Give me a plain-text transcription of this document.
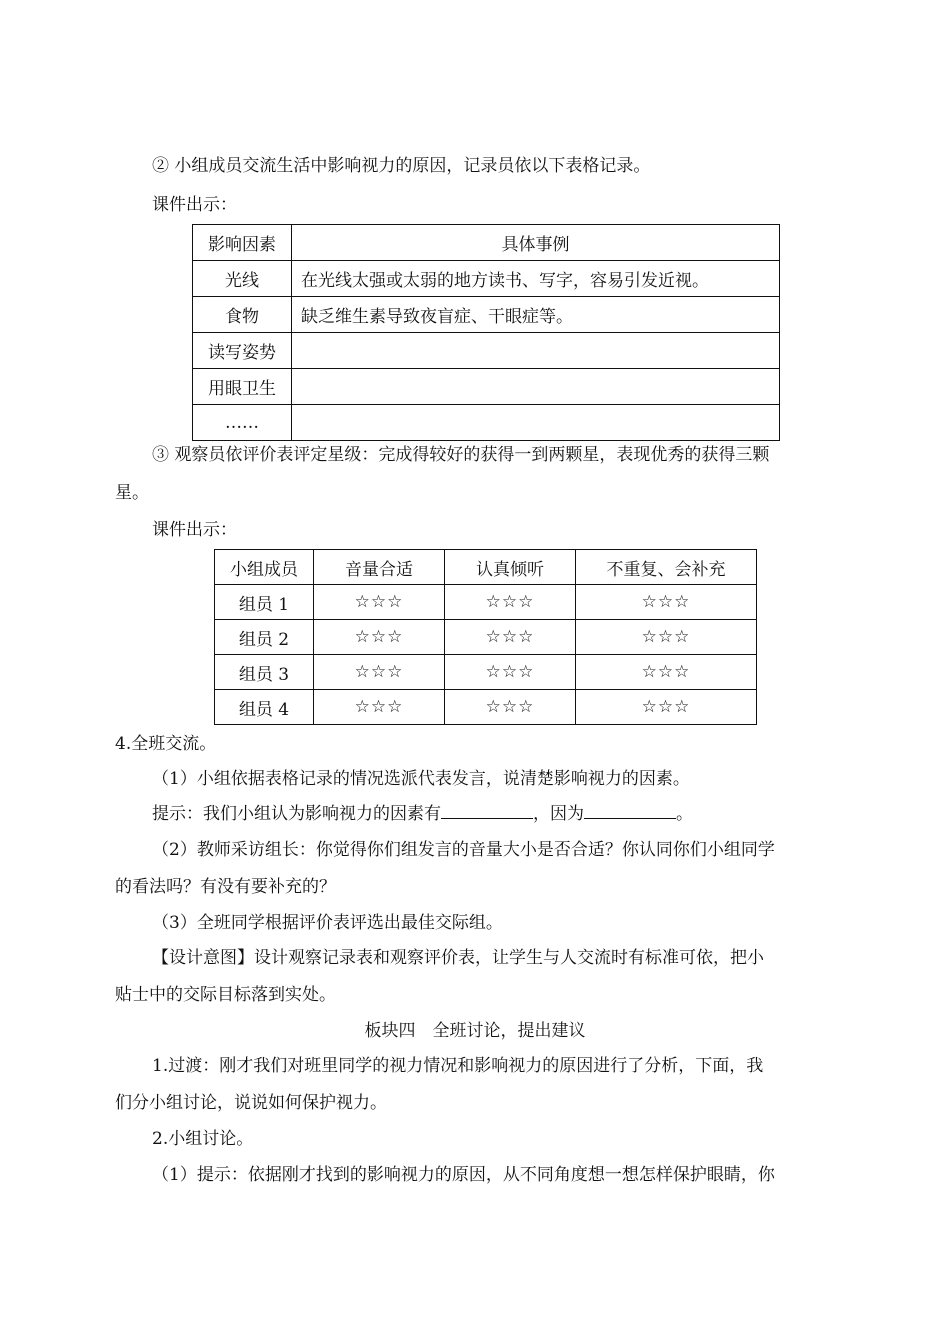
② 小组成员交流生活中影响视力的原因，记录员依以下表格记录。
课件出示：
影响因素	具体事例
光线	在光线太强或太弱的地方读书、写字，容易引发近视。
食物	缺乏维生素导致夜盲症、干眼症等。
读写姿势	
用眼卫生	
……	
③ 观察员依评价表评定星级：完成得较好的获得一到两颗星，表现优秀的获得三颗
星。
课件出示：
小组成员	音量合适	认真倾听	不重复、会补充
组员 1	☆☆☆	☆☆☆	☆☆☆
组员 2	☆☆☆	☆☆☆	☆☆☆
组员 3	☆☆☆	☆☆☆	☆☆☆
组员 4	☆☆☆	☆☆☆	☆☆☆
4.全班交流。
（1）小组依据表格记录的情况选派代表发言，说清楚影响视力的因素。
提示：我们小组认为影响视力的因素有	，因为	。
（2）教师采访组长：你觉得你们组发言的音量大小是否合适？你认同你们小组同学
的看法吗？有没有要补充的？
（3）全班同学根据评价表评选出最佳交际组。
【设计意图】设计观察记录表和观察评价表，让学生与人交流时有标准可依，把小
贴士中的交际目标落到实处。
板块四　全班讨论，提出建议
1.过渡：刚才我们对班里同学的视力情况和影响视力的原因进行了分析，下面，我
们分小组讨论，说说如何保护视力。
2.小组讨论。
（1）提示：依据刚才找到的影响视力的原因，从不同角度想一想怎样保护眼睛，你
